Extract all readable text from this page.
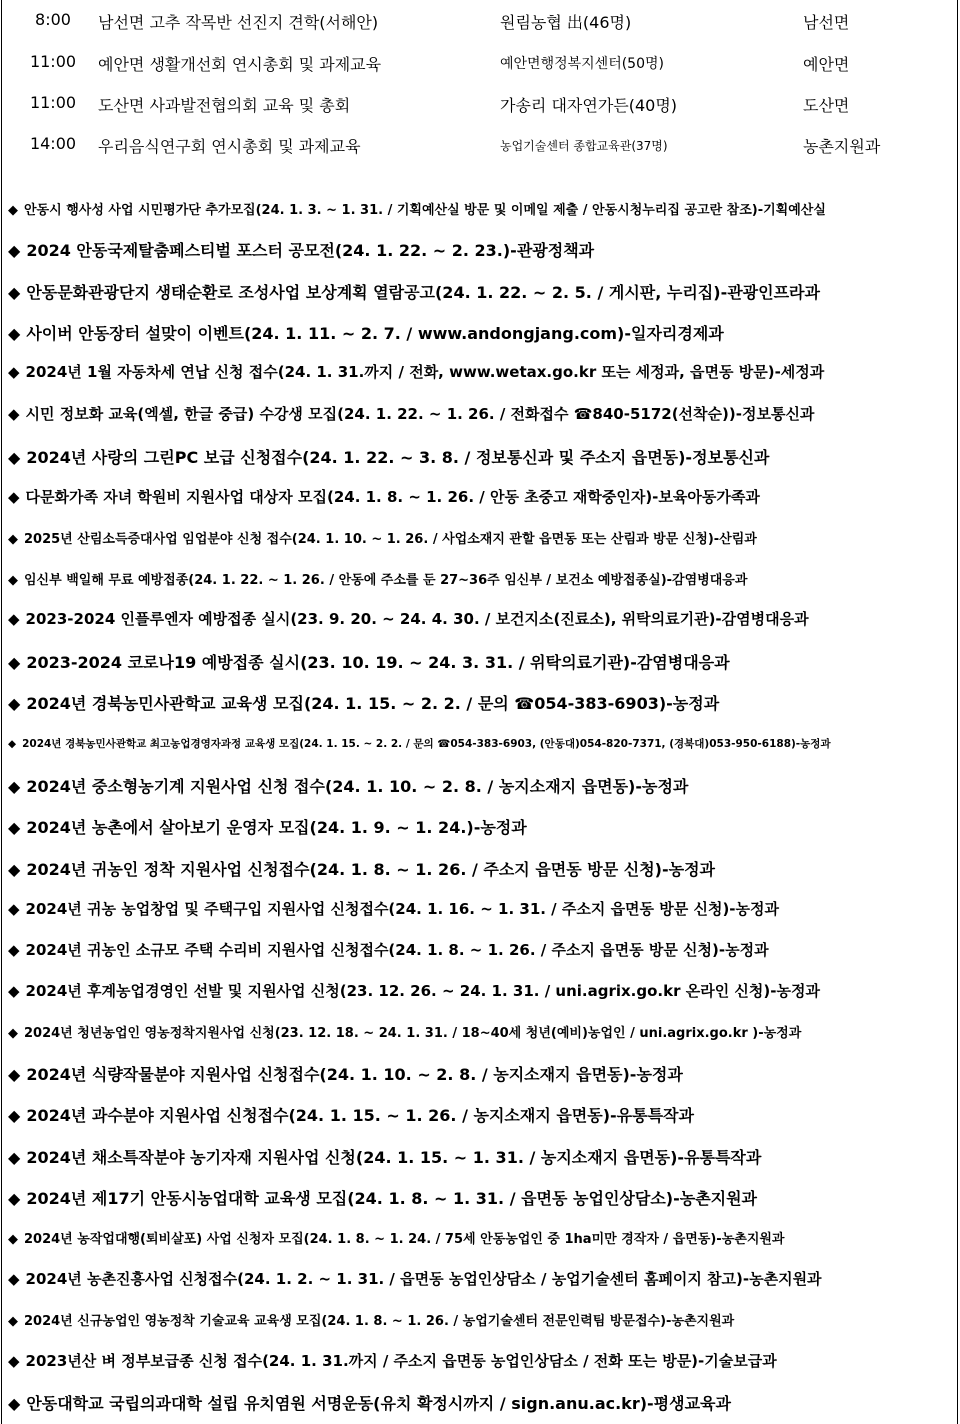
8:00	남선면 고추 작목반 선진지 견학(서해안)	원림농협 出(46명)	남선면
11:00 예안면 생활개선회 연시총회 및 과제교육	예안면행정복지센터(50명)	예안면
11:00 도산면 사과발전협의회 교육 및 총회	가송리 대자연가든(40명)	도산면
14:00 우리음식연구회 연시총회 및 과제교육	농업기술센터 종합교육관(37명)	농촌지원과
◆ 안동시 행사성 사업 시민평가단 추가모집(24. 1. 3. ~ 1. 31. / 기획예산실 방문 및 이메일 제출 / 안동시청누리집 공고란 참조)-기획예산실
◆ 2024 안동국제탈춤페스티벌 포스터 공모전(24. 1. 22. ~ 2. 23.)-관광정책과
◆ 안동문화관광단지 생태순환로 조성사업 보상계획 열람공고(24. 1. 22. ~ 2. 5. / 게시판, 누리집)-관광인프라과
◆ 사이버 안동장터 설맞이 이벤트(24. 1. 11. ~ 2. 7. / www.andongjang.com)-일자리경제과
◆ 2024년 1월 자동차세 연납 신청 접수(24. 1. 31.까지 / 전화, www.wetax.go.kr 또는 세정과, 읍면동 방문)-세정과
◆ 시민 정보화 교육(엑셀, 한글 중급) 수강생 모집(24. 1. 22. ~ 1. 26. / 전화접수 ☎840-5172(선착순))-정보통신과
◆ 2024년 사랑의 그린PC 보급 신청접수(24. 1. 22. ~ 3. 8. / 정보통신과 및 주소지 읍면동)-정보통신과
◆ 다문화가족 자녀 학원비 지원사업 대상자 모집(24. 1. 8. ~ 1. 26. / 안동 초중고 재학중인자)-보육아동가족과
◆ 2025년 산림소득증대사업 임업분야 신청 접수(24. 1. 10. ~ 1. 26. / 사업소재지 관할 읍면동 또는 산림과 방문 신청)-산림과
◆ 임신부 백일해 무료 예방접종(24. 1. 22. ~ 1. 26. / 안동에 주소를 둔 27~36주 임신부 / 보건소 예방접종실)-감염병대응과
◆ 2023-2024 인플루엔자 예방접종 실시(23. 9. 20. ~ 24. 4. 30. / 보건지소(진료소), 위탁의료기관)-감염병대응과
◆ 2023-2024 코로나19 예방접종 실시(23. 10. 19. ~ 24. 3. 31. / 위탁의료기관)-감염병대응과
◆ 2024년 경북농민사관학교 교육생 모집(24. 1. 15. ~ 2. 2. / 문의 ☎054-383-6903)-농정과
◆ 2024년 경북농민사관학교 최고농업경영자과정 교육생 모집(24. 1. 15. ~ 2. 2. / 문의 ☎054-383-6903, (안동대)054-820-7371, (경북대)053-950-6188)-농정과
◆ 2024년 중소형농기계 지원사업 신청 접수(24. 1. 10. ~ 2. 8. / 농지소재지 읍면동)-농정과
◆ 2024년 농촌에서 살아보기 운영자 모집(24. 1. 9. ~ 1. 24.)-농정과
◆ 2024년 귀농인 정착 지원사업 신청접수(24. 1. 8. ~ 1. 26. / 주소지 읍면동 방문 신청)-농정과
◆ 2024년 귀농 농업창업 및 주택구입 지원사업 신청접수(24. 1. 16. ~ 1. 31. / 주소지 읍면동 방문 신청)-농정과
◆ 2024년 귀농인 소규모 주택 수리비 지원사업 신청접수(24. 1. 8. ~ 1. 26. / 주소지 읍면동 방문 신청)-농정과
◆ 2024년 후계농업경영인 선발 및 지원사업 신청(23. 12. 26. ~ 24. 1. 31. / uni.agrix.go.kr 온라인 신청)-농정과
◆ 2024년 청년농업인 영농정착지원사업 신청(23. 12. 18. ~ 24. 1. 31. / 18~40세 청년(예비)농업인 / uni.agrix.go.kr )-농정과
◆ 2024년 식량작물분야 지원사업 신청접수(24. 1. 10. ~ 2. 8. / 농지소재지 읍면동)-농정과
◆ 2024년 과수분야 지원사업 신청접수(24. 1. 15. ~ 1. 26. / 농지소재지 읍면동)-유통특작과
◆ 2024년 채소특작분야 농기자재 지원사업 신청(24. 1. 15. ~ 1. 31. / 농지소재지 읍면동)-유통특작과
◆ 2024년 제17기 안동시농업대학 교육생 모집(24. 1. 8. ~ 1. 31. / 읍면동 농업인상담소)-농촌지원과
◆ 2024년 농작업대행(퇴비살포) 사업 신청자 모집(24. 1. 8. ~ 1. 24. / 75세 안동농업인 중 1ha미만 경작자 / 읍면동)-농촌지원과
◆ 2024년 농촌진흥사업 신청접수(24. 1. 2. ~ 1. 31. / 읍면동 농업인상담소 / 농업기술센터 홈페이지 참고)-농촌지원과
◆ 2024년 신규농업인 영농정착 기술교육 교육생 모집(24. 1. 8. ~ 1. 26. / 농업기술센터 전문인력팀 방문접수)-농촌지원과
◆ 2023년산 벼 정부보급종 신청 접수(24. 1. 31.까지 / 주소지 읍면동 농업인상담소 / 전화 또는 방문)-기술보급과
◆ 안동대학교 국립의과대학 설립 유치염원 서명운동(유치 확정시까지 / sign.anu.ac.kr)-평생교육과
